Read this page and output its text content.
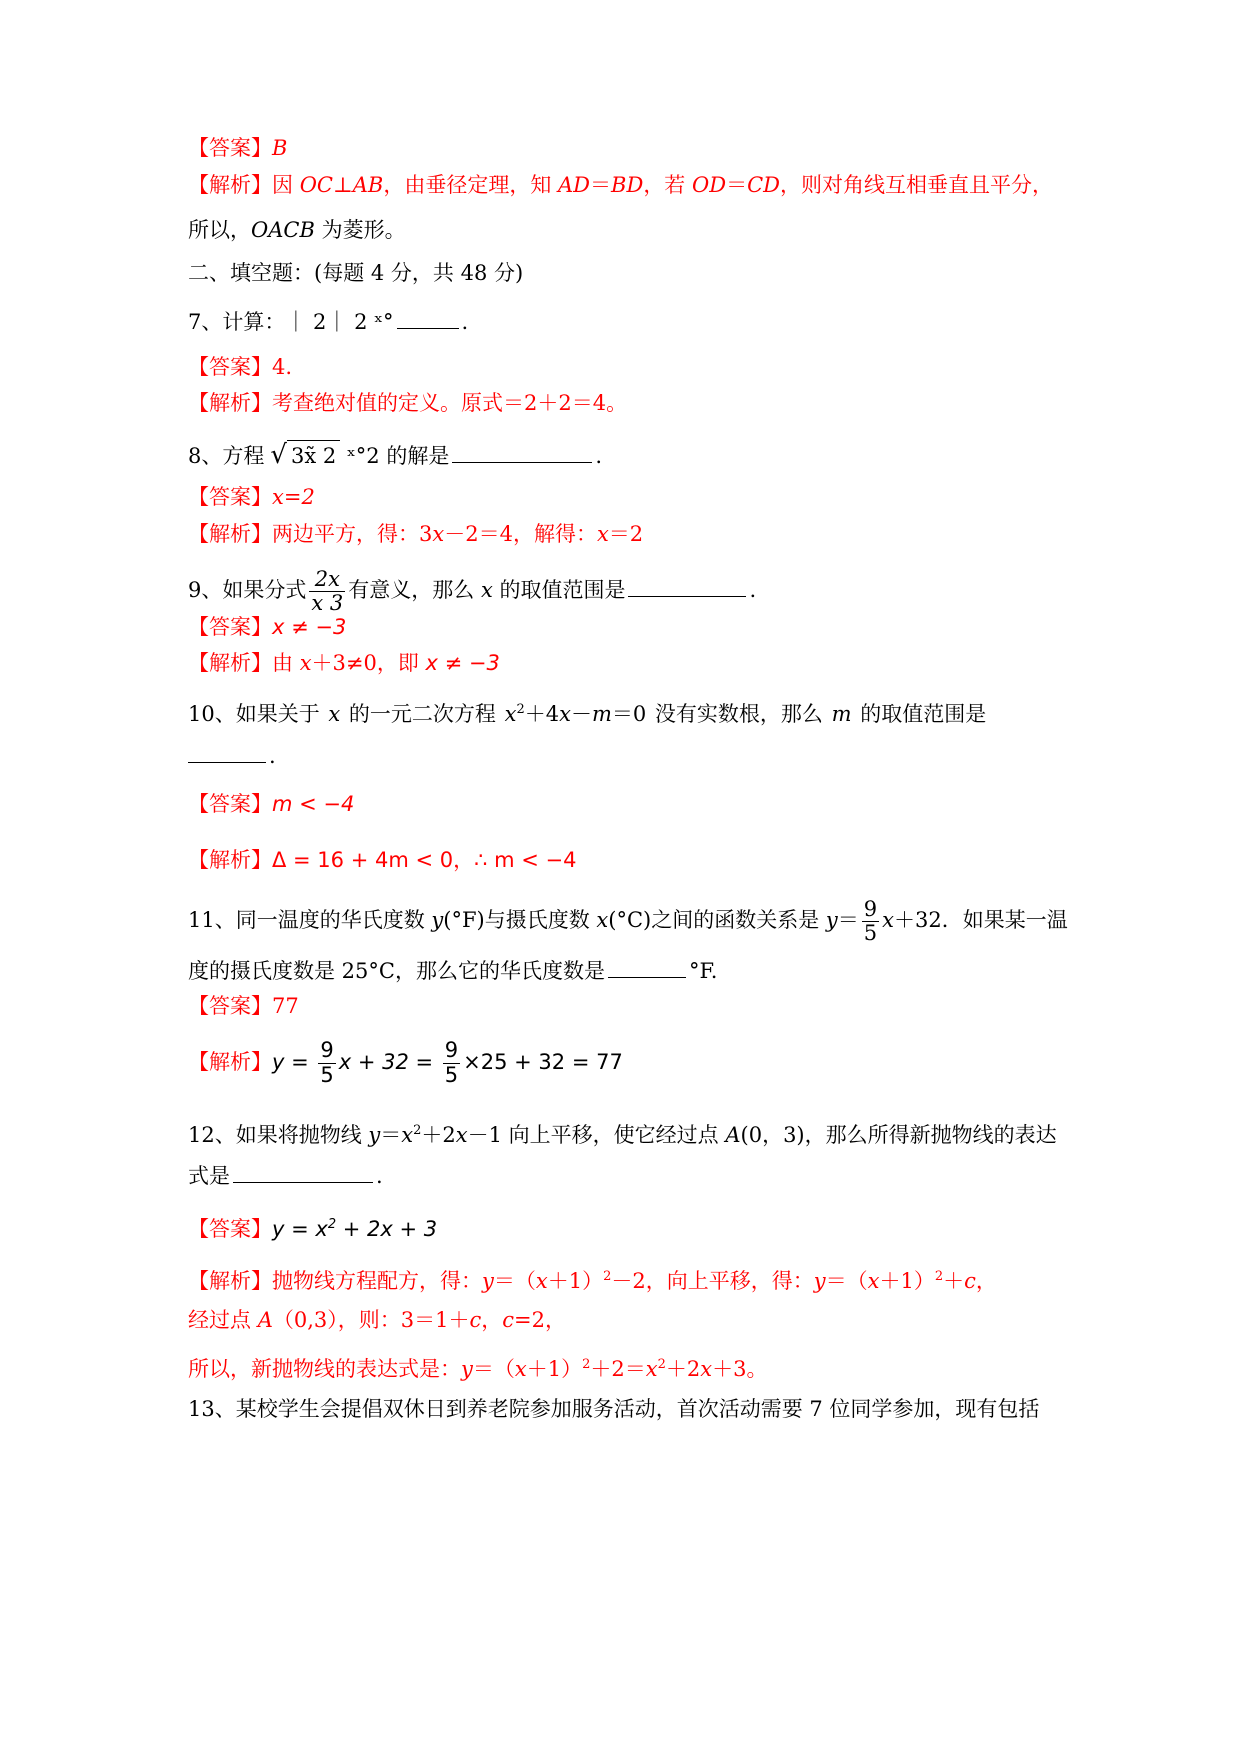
【答案】B
【解析】因 OC⊥AB，由垂径定理，知 AD＝BD，若 OD＝CD，则对角线互相垂直且平分，
所以，OACB 为菱形。
二、填空题：(每题 4 分，共 48 分)
7、计算：｜ 2｜ 2 ˣ°	.
【答案】4.
【解析】考查绝对值的定义。原式＝2＋2＝4。
8、方程 √ 3x̃ 2 ˣ°2 的解是	.
【答案】x=2
【解析】两边平方，得：3x－2＝4，解得：x＝2
9、如果分式 $\frac{2x}{x 3}$ 有意义，那么 x 的取值范围是	.
【答案】x ≠ −3
【解析】由 x＋3≠0，即 x ≠ −3
10、如果关于 x 的一元二次方程 $x^2+4x-m=0$ 没有实数根，那么 m 的取值范围是
.
【答案】m < −4
【解析】Δ = 16 + 4m < 0，∴ m < −4
11、同一温度的华氏度数 y(°F)与摄氏度数 x(°C)之间的函数关系是 $y= \frac{9}{5} x+32$．如果某一温
度的摄氏度数是 25°C，那么它的华氏度数是	°F.
【答案】77
【解析】$y = \frac{9}{5}$ $x + 32 = \frac{9}{5} \times 25 + 32 = 77$
12、如果将抛物线 $y=x^2+2x-1$ 向上平移，使它经过点 A(0，3)，那么所得新抛物线的表达
式是	.
【答案】$y = x^2 + 2x + 3$
【解析】抛物线方程配方，得：$y=(x+1)^2-2$，向上平移，得：$y=(x+1)^2+c$，
经过点 A（0,3），则：3＝1＋c，c=2，
所以，新抛物线的表达式是：$y=(x+1)^2+2=x^2+2x+3$。
13、某校学生会提倡双休日到养老院参加服务活动，首次活动需要 7 位同学参加，现有包括
